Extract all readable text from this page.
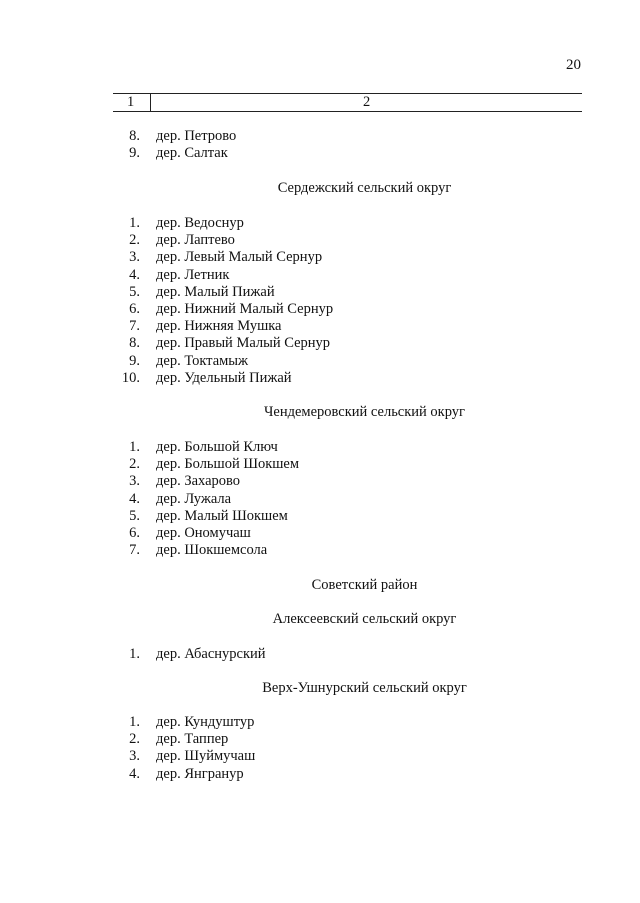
20
1	2
8. дер. Петрово
9. дер. Салтак
Сердежский сельский округ
1. дер. Ведоснур
2. дер. Лаптево
3. дер. Левый Малый Сернур
4. дер. Летник
5. дер. Малый Пижай
6. дер. Нижний Малый Сернур
7. дер. Нижняя Мушка
8. дер. Правый Малый Сернур
9. дер. Токтамыж
10. дер. Удельный Пижай
Чендемеровский сельский округ
1. дер. Большой Ключ
2. дер. Большой Шокшем
3. дер. Захарово
4. дер. Лужала
5. дер. Малый Шокшем
6. дер. Ономучаш
7. дер. Шокшемсола
Советский район
Алексеевский сельский округ
1. дер. Абаснурский
Верх-Ушнурский сельский округ
1. дер. Кундуштур
2. дер. Таппер
3. дер. Шуймучаш
4. дер. Янгранур
